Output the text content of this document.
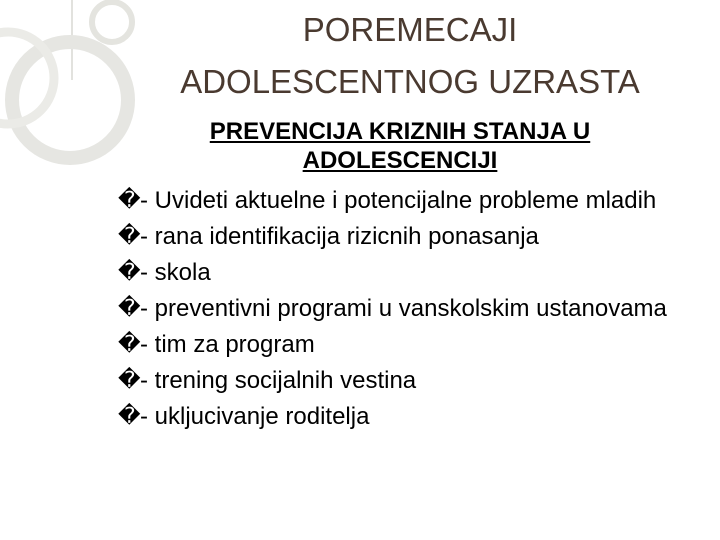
POREMECAJI
ADOLESCENTNOG UZRASTA
PREVENCIJA KRIZNIH STANJA U
ADOLESCENCIJI
� - Uvideti aktuelne i potencijalne probleme mladih
� - rana identifikacija rizicnih ponasanja
� - skola
� - preventivni programi u vanskolskim ustanovama
� - tim za program
� - trening socijalnih vestina
� - ukljucivanje roditelja
